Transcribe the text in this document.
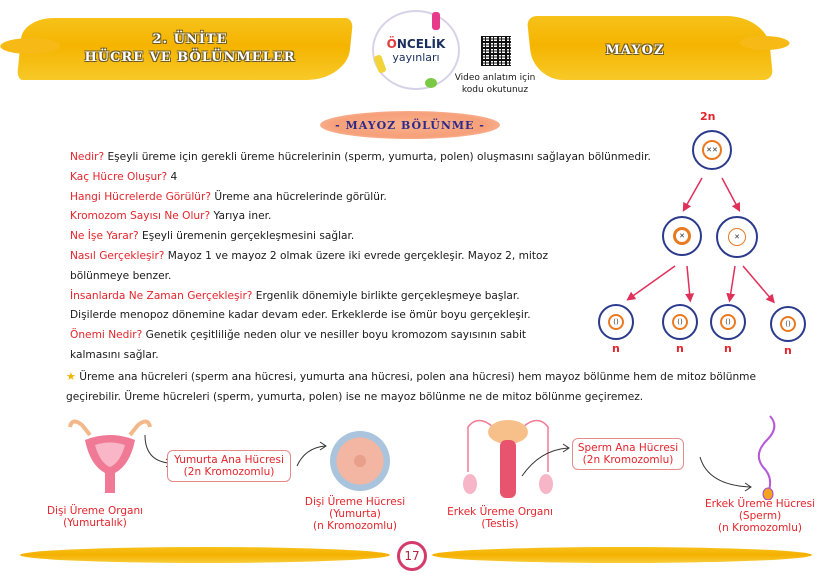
2. ÜNİTE
HÜCRE VE BÖLÜNMELER	MAYOZ
ÖNCELİK
yayınları
Video anlatım için
kodu okutunuz
- MAYOZ BÖLÜNME -

Nedir? Eşeyli üreme için gerekli üreme hücrelerinin (sperm, yumurta, polen) oluşmasını sağlayan bölünmedir.

Kaç Hücre Oluşur? 4

Hangi Hücrelerde Görülür? Üreme ana hücrelerinde görülür.

Kromozom Sayısı Ne Olur? Yarıya iner.

Ne İşe Yarar? Eşeyli üremenin gerçekleşmesini sağlar.

Nasıl Gerçekleşir? Mayoz 1 ve mayoz 2 olmak üzere iki evrede gerçekleşir. Mayoz 2, mitoz

bölünmeye benzer.

İnsanlarda Ne Zaman Gerçekleşir? Ergenlik dönemiyle birlikte gerçekleşmeye başlar.

Dişilerde menopoz dönemine kadar devam eder. Erkeklerde ise ömür boyu gerçekleşir.

Önemi Nedir? Genetik çeşitliliğe neden olur ve nesiller boyu kromozom sayısının sabit

kalmasını sağlar.

★ Üreme ana hücreleri (sperm ana hücresi, yumurta ana hücresi, polen ana hücresi) hem mayoz bölünme hem de mitoz bölünme
geçirebilir. Üreme hücreleri (sperm, yumurta, polen) ise ne mayoz bölünme ne de mitoz bölünme geçiremez.
2n
✕✕
✕	✕
()	()	()	()
n	n	n	n
Yumurta Ana Hücresi
(2n Kromozomlu)
Dişi Üreme Organı
(Yumurtalık)
Dişi Üreme Hücresi
(Yumurta)
(n Kromozomlu)
Sperm Ana Hücresi
(2n Kromozomlu)
Erkek Üreme Organı
(Testis)
Erkek Üreme Hücresi
(Sperm)
(n Kromozomlu)
17
